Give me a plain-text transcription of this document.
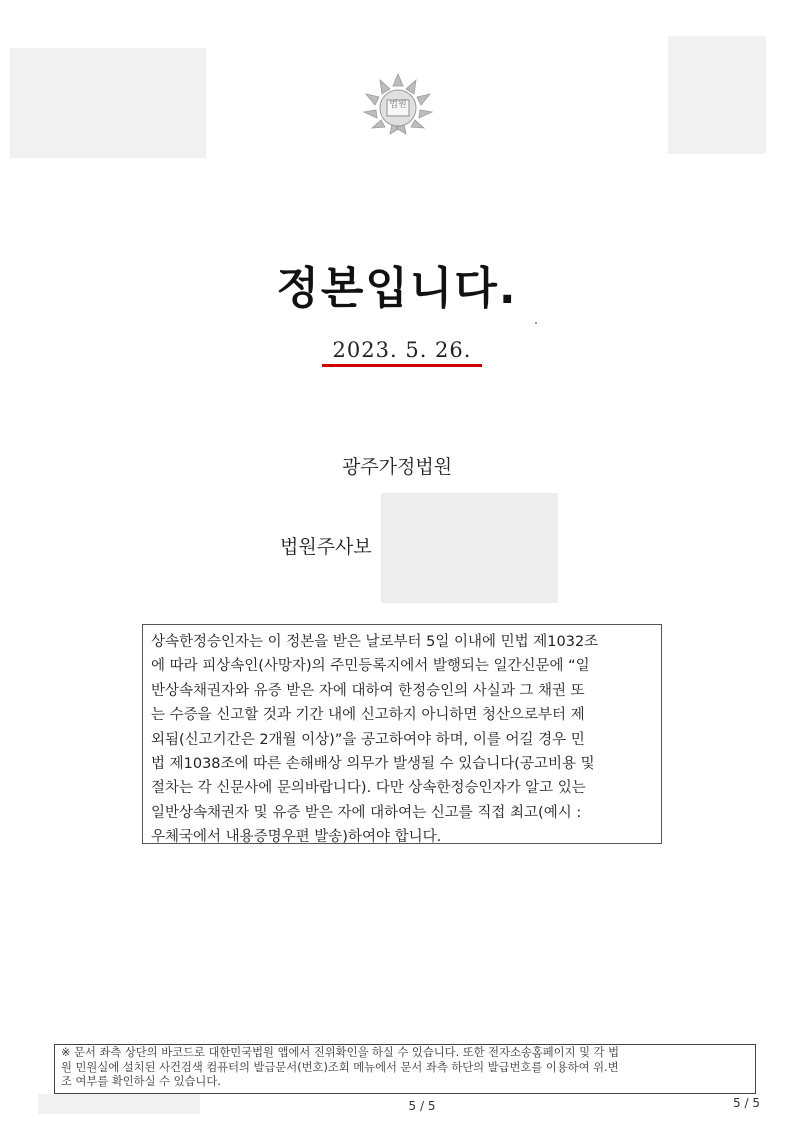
법원
정본입니다.
2023. 5. 26.
광주가정법원
법원주사보
상속한정승인자는 이 정본을 받은 날로부터 5일 이내에 민법 제1032조
에 따라 피상속인(사망자)의 주민등록지에서 발행되는 일간신문에 “일
반상속채권자와 유증 받은 자에 대하여 한정승인의 사실과 그 채권 또
는 수증을 신고할 것과 기간 내에 신고하지 아니하면 청산으로부터 제
외됨(신고기간은 2개월 이상)”을 공고하여야 하며, 이를 어길 경우 민
법 제1038조에 따른 손해배상 의무가 발생될 수 있습니다(공고비용 및
절차는 각 신문사에 문의바랍니다). 다만 상속한정승인자가 알고 있는
일반상속채권자 및 유증 받은 자에 대하여는 신고를 직접 최고(예시 :
우체국에서 내용증명우편 발송)하여야 합니다.
※ 문서 좌측 상단의 바코드로 대한민국법원 앱에서 진위확인을 하실 수 있습니다. 또한 전자소송홈페이지 및 각 법
원 민원실에 설치된 사건검색 컴퓨터의 발급문서(번호)조회 메뉴에서 문서 좌측 하단의 발급번호를 이용하여 위.변
조 여부를 확인하실 수 있습니다.
5 / 5	5 / 5
